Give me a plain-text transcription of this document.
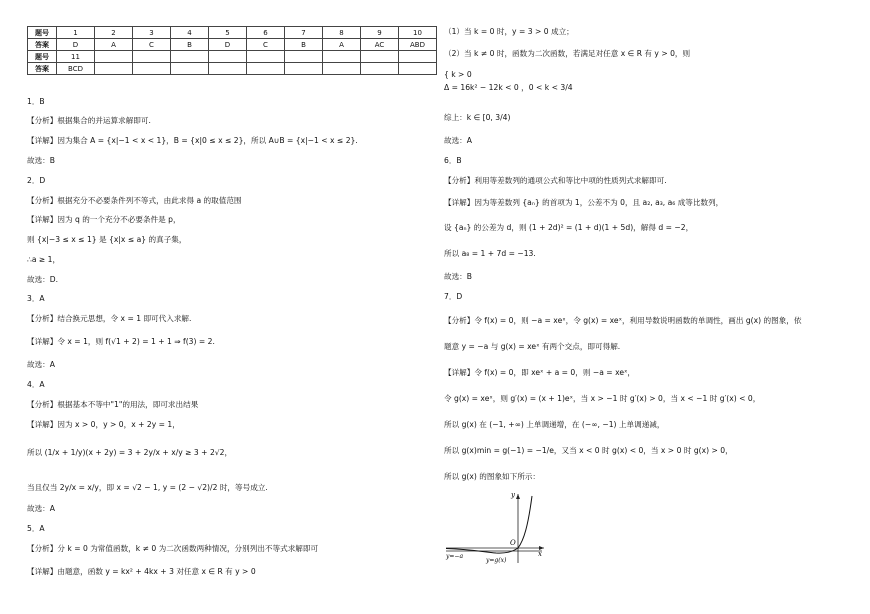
题号	1	2	3	4	5	6	7	8	9	10
答案	D	A	C	B	D	C	B	A	AC	ABD
题号	11									
答案	BCD									
1．B
【分析】根据集合的并运算求解即可.
【详解】因为集合 A = {x|−1 < x < 1}，B = {x|0 ≤ x ≤ 2}，所以 A∪B = {x|−1 < x ≤ 2}.
故选：B
2．D
【分析】根据充分不必要条件列不等式，由此求得 a 的取值范围
【详解】因为 q 的一个充分不必要条件是 p，
则 {x|−3 ≤ x ≤ 1} 是 {x|x ≤ a} 的真子集，
∴a ≥ 1，
故选：D.
3．A
【分析】结合换元思想，令 x = 1 即可代入求解.
【详解】令 x = 1，则 f(√1 + 2) = 1 + 1 ⇒ f(3) = 2.
故选：A
4．A
【分析】根据基本不等中"1"的用法，即可求出结果
【详解】因为 x > 0，y > 0，x + 2y = 1，
所以 (1/x + 1/y)(x + 2y) = 3 + 2y/x + x/y ≥ 3 + 2√2，
当且仅当 2y/x = x/y，即 x = √2 − 1, y = (2 − √2)/2 时，等号成立.
故选：A
5．A
【分析】分 k = 0 为常值函数，k ≠ 0 为二次函数两种情况，分别列出不等式求解即可
【详解】由题意，函数 y = kx² + 4kx + 3 对任意 x ∈ R 有 y > 0
（1）当 k = 0 时，y = 3 > 0 成立；
（2）当 k ≠ 0 时，函数为二次函数，若满足对任意 x ∈ R 有 y > 0，则
{ k > 0
Δ = 16k² − 12k < 0 ，0 < k < 3/4
综上：k ∈ [0, 3/4)
故选：A
6．B
【分析】利用等差数列的通项公式和等比中项的性质列式求解即可.
【详解】因为等差数列 {aₙ} 的首项为 1，公差不为 0，且 a₂, a₃, a₆ 成等比数列，
设 {aₙ} 的公差为 d，则 (1 + 2d)² = (1 + d)(1 + 5d)，解得 d = −2，
所以 a₈ = 1 + 7d = −13.
故选：B
7．D
【分析】令 f(x) = 0，则 −a = xeˣ，令 g(x) = xeˣ，利用导数说明函数的单调性，画出 g(x) 的图象，依
题意 y = −a 与 g(x) = xeˣ 有两个交点，即可得解.
【详解】令 f(x) = 0，即 xeˣ + a = 0，则 −a = xeˣ，
令 g(x) = xeˣ，则 g′(x) = (x + 1)eˣ，当 x > −1 时 g′(x) > 0，当 x < −1 时 g′(x) < 0，
所以 g(x) 在 (−1, +∞) 上单调递增，在 (−∞, −1) 上单调递减，
所以 g(x)min = g(−1) = −1/e，又当 x < 0 时 g(x) < 0，当 x > 0 时 g(x) > 0，
所以 g(x) 的图象如下所示：
y
x
O
y=−a
y=g(x)
